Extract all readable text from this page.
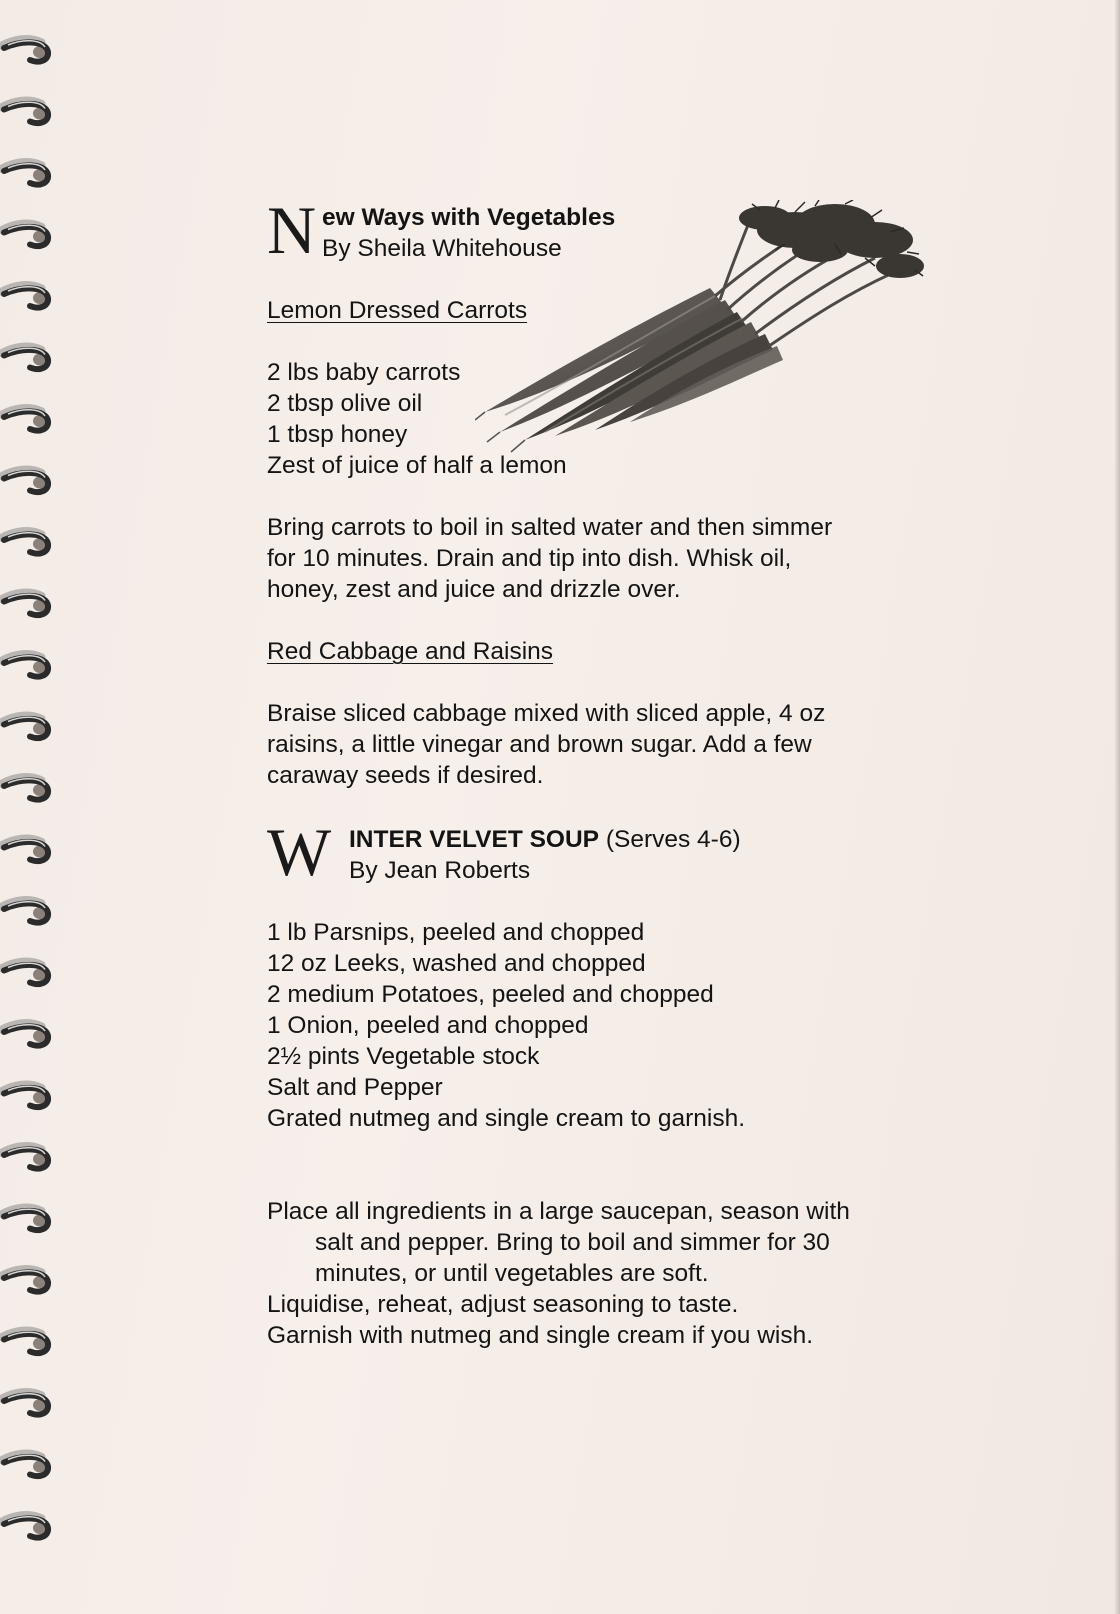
N ew Ways with Vegetables
By Sheila Whitehouse
Lemon Dressed Carrots
2 lbs baby carrots
2 tbsp olive oil
1 tbsp honey
Zest of juice of half a lemon
Bring carrots to boil in salted water and then simmer
for 10 minutes. Drain and tip into dish. Whisk oil,
honey, zest and juice and drizzle over.
Red Cabbage and Raisins
Braise sliced cabbage mixed with sliced apple, 4 oz
raisins, a little vinegar and brown sugar. Add a few
caraway seeds if desired.
W INTER VELVET SOUP (Serves 4-6)
By Jean Roberts
1 lb Parsnips, peeled and chopped
12 oz Leeks, washed and chopped
2 medium Potatoes, peeled and chopped
1 Onion, peeled and chopped
2½ pints Vegetable stock
Salt and Pepper
Grated nutmeg and single cream to garnish.
Place all ingredients in a large saucepan, season with
salt and pepper. Bring to boil and simmer for 30
minutes, or until vegetables are soft.
Liquidise, reheat, adjust seasoning to taste.
Garnish with nutmeg and single cream if you wish.
